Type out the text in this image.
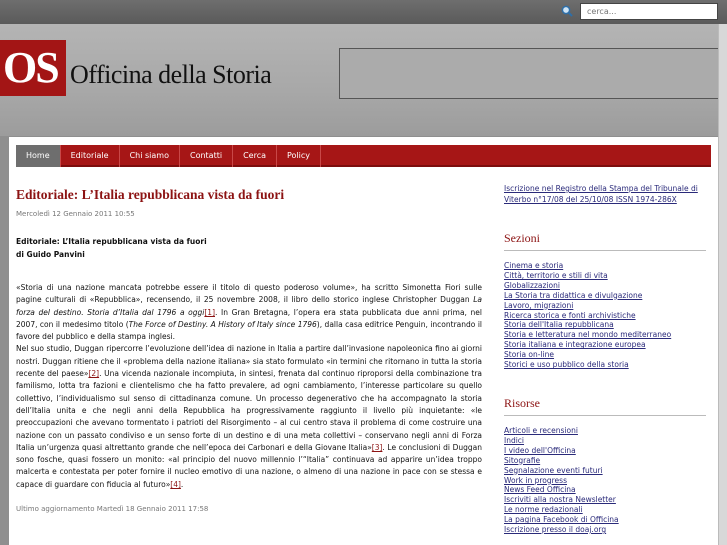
cerca...
OS Officina della Storia
Home	Editoriale	Chi siamo	Contatti	Cerca	Policy
Editoriale: L’Italia repubblicana vista da fuori
Mercoledì 12 Gennaio 2011 10:55
Editoriale: L’Italia repubblicana vista da fuori
di Guido Panvini

«Storia di una nazione mancata potrebbe essere il titolo di questo poderoso volume», ha scritto Simonetta Fiori sulle pagine culturali di «Repubblica», recensendo, il 25 novembre 2008, il libro dello storico inglese Christopher Duggan La forza del destino. Storia d’Italia dal 1796 a oggi[1]. In Gran Bretagna, l’opera era stata pubblicata due anni prima, nel 2007, con il medesimo titolo (The Force of Destiny. A History of Italy since 1796), dalla casa editrice Penguin, incontrando il favore del pubblico e della stampa inglesi.

Nel suo studio, Duggan ripercorre l’evoluzione dell’idea di nazione in Italia a partire dall’invasione napoleonica fino ai giorni nostri. Duggan ritiene che il «problema della nazione italiana» sia stato formulato «in termini che ritornano in tutta la storia recente del paese»[2]. Una vicenda nazionale incompiuta, in sintesi, frenata dal continuo riproporsi della combinazione tra familismo, lotta tra fazioni e clientelismo che ha fatto prevalere, ad ogni cambiamento, l’interesse particolare su quello collettivo, l’individualismo sul senso di cittadinanza comune. Un processo degenerativo che ha accompagnato la storia dell’Italia unita e che negli anni della Repubblica ha progressivamente raggiunto il livello più inquietante: «le preoccupazioni che avevano tormentato i patrioti del Risorgimento – al cui centro stava il problema di come costruire una nazione con un passato condiviso e un senso forte di un destino e di una meta collettivi – conservano negli anni di Forza Italia un’urgenza quasi altrettanto grande che nell’epoca dei Carbonari e della Giovane Italia»[3]. Le conclusioni di Duggan sono fosche, quasi fossero un monito: «al principio del nuovo millennio l’“Italia” continuava ad apparire un’idea troppo malcerta e contestata per poter fornire il nucleo emotivo di una nazione, o almeno di una nazione in pace con se stessa e capace di guardare con fiducia al futuro»[4].

Ultimo aggiornamento Martedì 18 Gennaio 2011 17:58
Iscrizione nel Registro della Stampa del Tribunale di Viterbo n°17/08 del 25/10/08 ISSN 1974-286X
Sezioni
Cinema e storia
Città, territorio e stili di vita
Globalizzazioni
La Storia tra didattica e divulgazione
Lavoro, migrazioni
Ricerca storica e fonti archivistiche
Storia dell'Italia repubblicana
Storia e letteratura nel mondo mediterraneo
Storia italiana e integrazione europea
Storia on-line
Storici e uso pubblico della storia
Risorse
Articoli e recensioni
Indici
I video dell'Officina
Sitografie
Segnalazione eventi futuri
Work in progress
News Feed Officina
Iscriviti alla nostra Newsletter
Le norme redazionali
La pagina Facebook di Officina
Iscrizione presso il doaj.org
